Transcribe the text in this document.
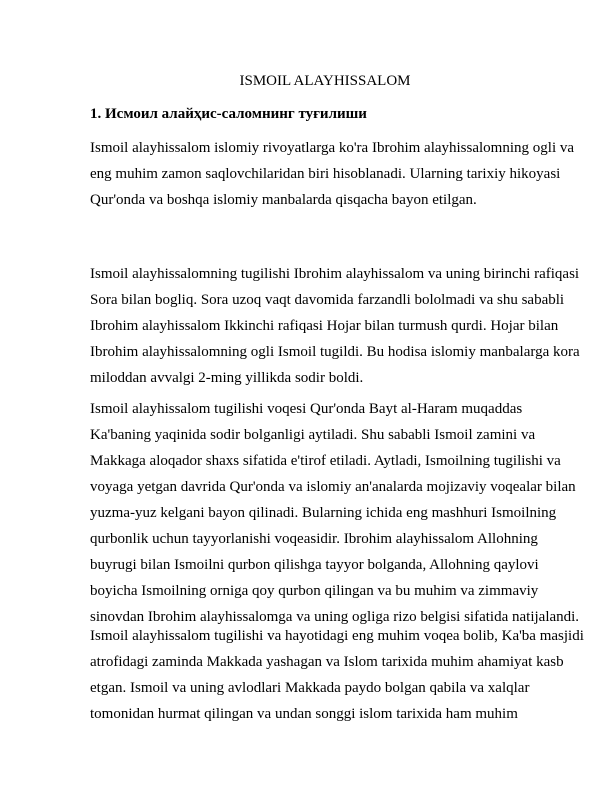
ISMOIL ALAYHISSALOM
1. Исмоил алайҳис-саломнинг туғилиши
Ismoil alayhissalom islomiy rivoyatlarga ko'ra Ibrohim alayhissalomning ogli va
eng muhim zamon saqlovchilaridan biri hisoblanadi. Ularning tarixiy hikoyasi
Qur'onda va boshqa islomiy manbalarda qisqacha bayon etilgan.
Ismoil alayhissalomning tugilishi Ibrohim alayhissalom va uning birinchi rafiqasi
Sora bilan bogliq. Sora uzoq vaqt davomida farzandli bololmadi va shu sababli
Ibrohim alayhissalom Ikkinchi rafiqasi Hojar bilan turmush qurdi. Hojar bilan
Ibrohim alayhissalomning ogli Ismoil tugildi. Bu hodisa islomiy manbalarga kora
miloddan avvalgi 2-ming yillikda sodir boldi.
Ismoil alayhissalom tugilishi voqesi Qur'onda Bayt al-Haram muqaddas
Ka'baning yaqinida sodir bolganligi aytiladi. Shu sababli Ismoil zamini va
Makkaga aloqador shaxs sifatida e'tirof etiladi. Aytladi, Ismoilning tugilishi va
voyaga yetgan davrida Qur'onda va islomiy an'analarda mojizaviy voqealar bilan
yuzma-yuz kelgani bayon qilinadi. Bularning ichida eng mashhuri Ismoilning
qurbonlik uchun tayyorlanishi voqeasidir. Ibrohim alayhissalom Allohning
buyrugi bilan Ismoilni qurbon qilishga tayyor bolganda, Allohning qaylovi
boyicha Ismoilning orniga qoy qurbon qilingan va bu muhim va zimmaviy
sinovdan Ibrohim alayhissalomga va uning ogliga rizo belgisi sifatida natijalandi.
Ismoil alayhissalom tugilishi va hayotidagi eng muhim voqea bolib, Ka'ba masjidi
atrofidagi zaminda Makkada yashagan va Islom tarixida muhim ahamiyat kasb
etgan. Ismoil va uning avlodlari Makkada paydo bolgan qabila va xalqlar
tomonidan hurmat qilingan va undan songgi islom tarixida ham muhim
